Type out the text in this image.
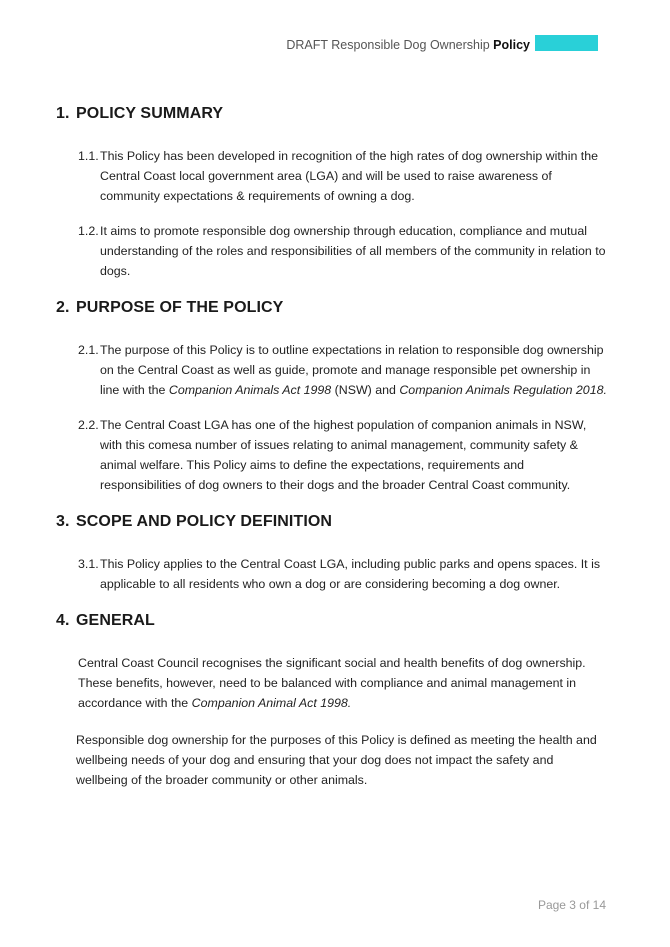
DRAFT Responsible Dog Ownership Policy
1. POLICY SUMMARY
1.1. This Policy has been developed in recognition of the high rates of dog ownership within the Central Coast local government area (LGA) and will be used to raise awareness of community expectations & requirements of owning a dog.
1.2. It aims to promote responsible dog ownership through education, compliance and mutual understanding of the roles and responsibilities of all members of the community in relation to dogs.
2. PURPOSE OF THE POLICY
2.1. The purpose of this Policy is to outline expectations in relation to responsible dog ownership on the Central Coast as well as guide, promote and manage responsible pet ownership in line with the Companion Animals Act 1998 (NSW) and Companion Animals Regulation 2018.
2.2. The Central Coast LGA has one of the highest population of companion animals in NSW, with this comesa number of issues relating to animal management, community safety & animal welfare. This Policy aims to define the expectations, requirements and responsibilities of dog owners to their dogs and the broader Central Coast community.
3. SCOPE AND POLICY DEFINITION
3.1. This Policy applies to the Central Coast LGA, including public parks and opens spaces. It is applicable to all residents who own a dog or are considering becoming a dog owner.
4. GENERAL
Central Coast Council recognises the significant social and health benefits of dog ownership. These benefits, however, need to be balanced with compliance and animal management in accordance with the Companion Animal Act 1998.
Responsible dog ownership for the purposes of this Policy is defined as meeting the health and wellbeing needs of your dog and ensuring that your dog does not impact the safety and wellbeing of the broader community or other animals.
Page 3 of 14
